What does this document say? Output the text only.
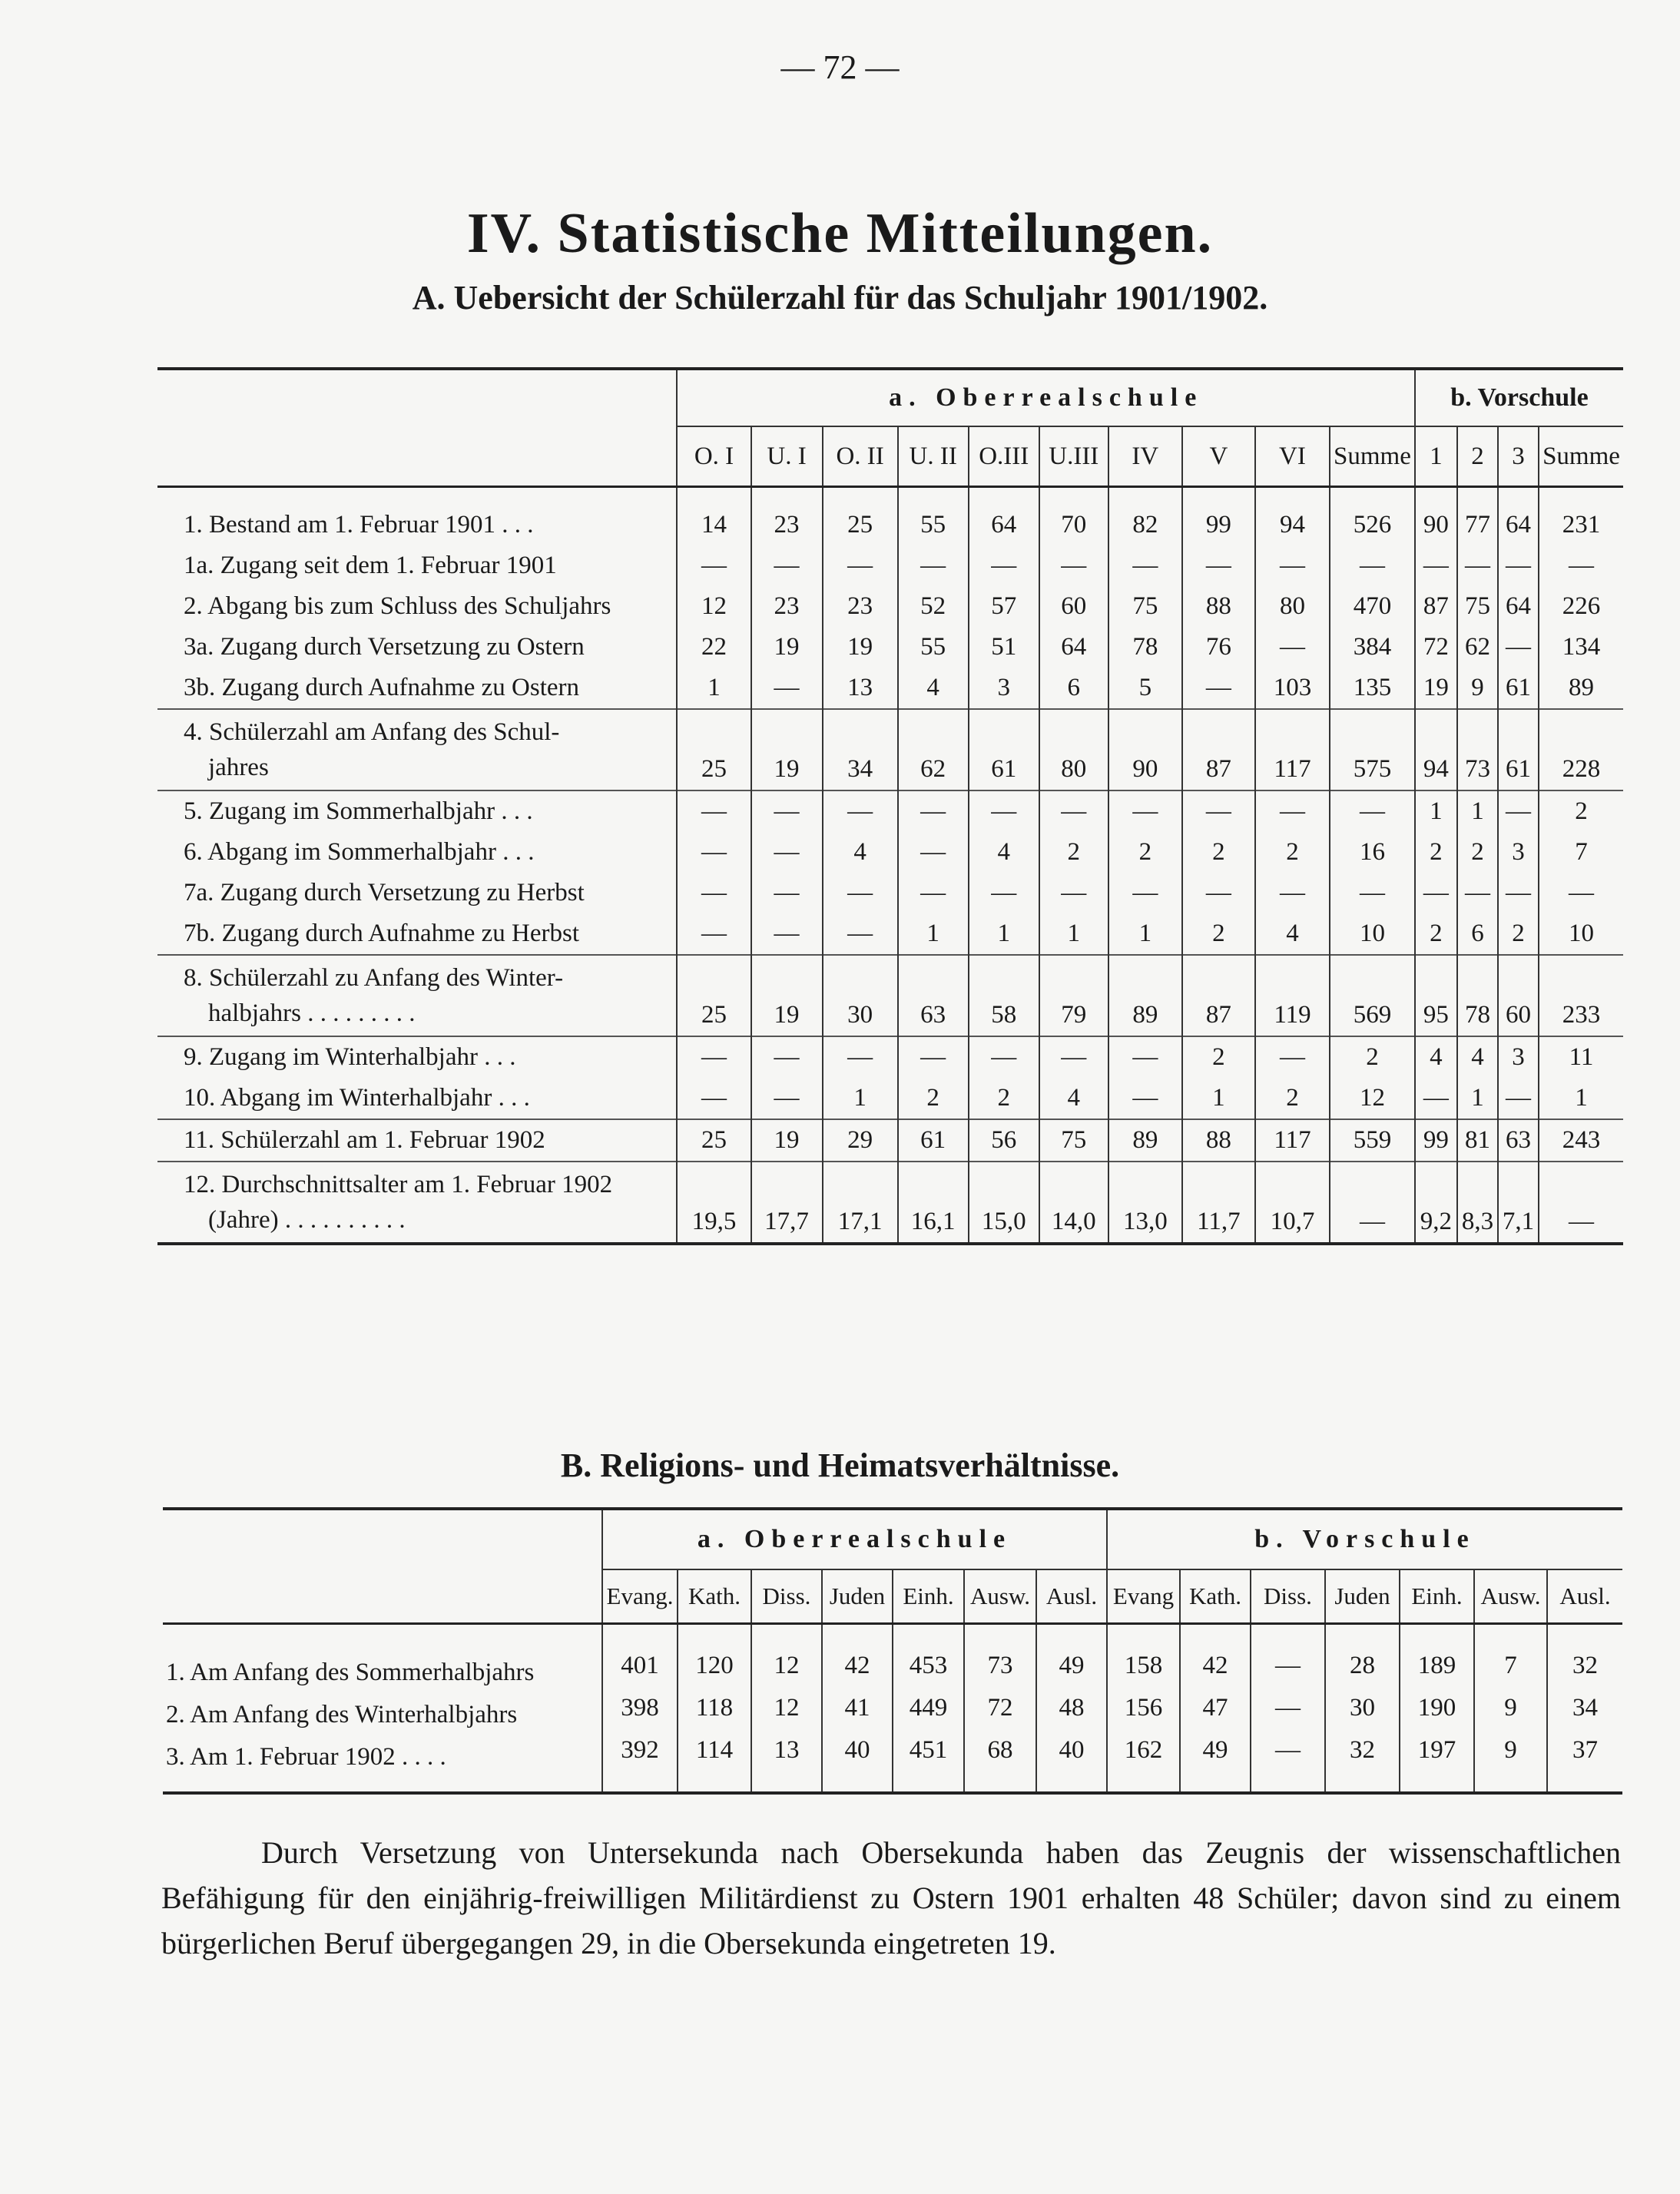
— 72 —
IV. Statistische Mitteilungen.
A. Uebersicht der Schülerzahl für das Schuljahr 1901/1902.
	a. Oberrealschule										b. Vorschule			
	O. I	U. I	O. II	U. II	O.III	U.III	IV	V	VI	Summe	1	2	3	Summe

1. Bestand am 1. Februar 1901 . . .	14	23	25	55	64	70	82	99	94	526	90	77	64	231
1a. Zugang seit dem 1. Februar 1901	—	—	—	—	—	—	—	—	—	—	—	—	—	—
2. Abgang bis zum Schluss des Schuljahrs	12	23	23	52	57	60	75	88	80	470	87	75	64	226
3a. Zugang durch Versetzung zu Ostern	22	19	19	55	51	64	78	76	—	384	72	62	—	134
3b. Zugang durch Aufnahme zu Ostern	1	—	13	4	3	6	5	—	103	135	19	9	61	89

4. Schülerzahl am Anfang des Schul-
jahres	25	19	34	62	61	80	90	87	117	575	94	73	61	228
5. Zugang im Sommerhalbjahr . . .	—	—	—	—	—	—	—	—	—	—	1	1	—	2
6. Abgang im Sommerhalbjahr . . .	—	—	4	—	4	2	2	2	2	16	2	2	3	7
7a. Zugang durch Versetzung zu Herbst	—	—	—	—	—	—	—	—	—	—	—	—	—	—
7b. Zugang durch Aufnahme zu Herbst	—	—	—	1	1	1	1	2	4	10	2	6	2	10

8. Schülerzahl zu Anfang des Winter-
halbjahrs . . . . . . . . .	25	19	30	63	58	79	89	87	119	569	95	78	60	233
9. Zugang im Winterhalbjahr . . .	—	—	—	—	—	—	—	2	—	2	4	4	3	11
10. Abgang im Winterhalbjahr . . .	—	—	1	2	2	4	—	1	2	12	—	1	—	1
11. Schülerzahl am 1. Februar 1902	25	19	29	61	56	75	89	88	117	559	99	81	63	243

12. Durchschnittsalter am 1. Februar 1902
(Jahre) . . . . . . . . . .	19,5	17,7	17,1	16,1	15,0	14,0	13,0	11,7	10,7	—	9,2	8,3	7,1	—
B. Religions- und Heimatsverhältnisse.
	a. Oberrealschule							b. Vorschule						
	Evang.	Kath.	Diss.	Juden	Einh.	Ausw.	Ausl.	Evang	Kath.	Diss.	Juden	Einh.	Ausw.	Ausl.

1. Am Anfang des Sommerhalbjahrs	401	120	12	42	453	73	49	158	42	—	28	189	7	32
2. Am Anfang des Winterhalbjahrs	398	118	12	41	449	72	48	156	47	—	30	190	9	34
3. Am 1. Februar 1902 . . . .	392	114	13	40	451	68	40	162	49	—	32	197	9	37

Durch Versetzung von Untersekunda nach Obersekunda haben das Zeugnis der wissenschaftlichen Befähigung für den einjährig-freiwilligen Militärdienst zu Ostern 1901 erhalten 48 Schüler; davon sind zu einem bürgerlichen Beruf übergegangen 29, in die Obersekunda eingetreten 19.
